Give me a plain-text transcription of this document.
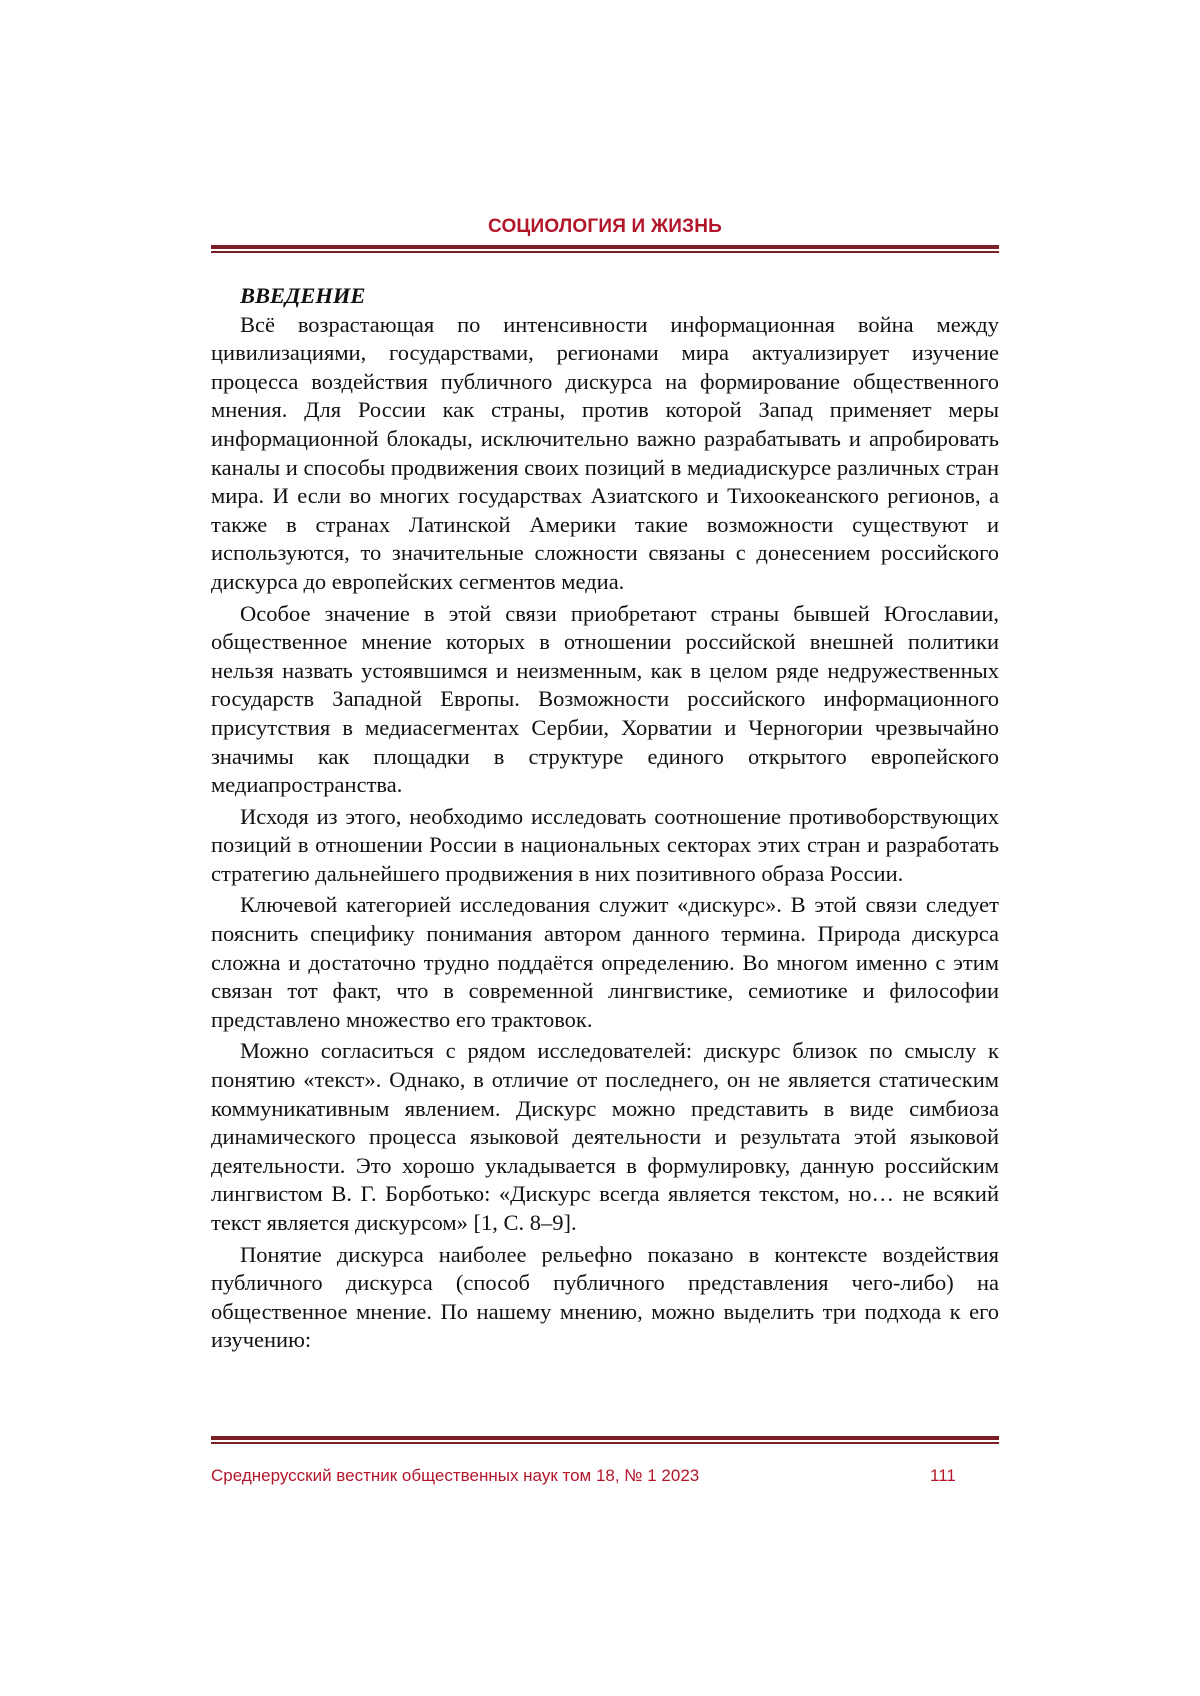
СОЦИОЛОГИЯ И ЖИЗНЬ

ВВЕДЕНИЕ

Всё возрастающая по интенсивности информационная война между цивилизациями, государствами, регионами мира актуализирует изучение процесса воздействия публичного дискурса на формирование общественного мнения. Для России как страны, против которой Запад применяет меры информационной блокады, исключительно важно разрабатывать и апробировать каналы и способы продвижения своих позиций в медиадискурсе различных стран мира. И если во многих государствах Азиатского и Тихоокеанского регионов, а также в странах Латинской Америки такие возможности существуют и используются, то значительные сложности связаны с донесением российского дискурса до европейских сегментов медиа.

Особое значение в этой связи приобретают страны бывшей Югославии, общественное мнение которых в отношении российской внешней политики нельзя назвать устоявшимся и неизменным, как в целом ряде недружественных государств Западной Европы. Возможности российского информационного присутствия в медиасегментах Сербии, Хорватии и Черногории чрезвычайно значимы как площадки в структуре единого открытого европейского медиапространства.

Исходя из этого, необходимо исследовать соотношение противоборствующих позиций в отношении России в национальных секторах этих стран и разработать стратегию дальнейшего продвижения в них позитивного образа России.

Ключевой категорией исследования служит «дискурс». В этой связи следует пояснить специфику понимания автором данного термина. Природа дискурса сложна и достаточно трудно поддаётся определению. Во многом именно с этим связан тот факт, что в современной лингвистике, семиотике и философии представлено множество его трактовок.

Можно согласиться с рядом исследователей: дискурс близок по смыслу к понятию «текст». Однако, в отличие от последнего, он не является статическим коммуникативным явлением. Дискурс можно представить в виде симбиоза динамического процесса языковой деятельности и результата этой языковой деятельности. Это хорошо укладывается в формулировку, данную российским лингвистом В. Г. Борботько: «Дискурс всегда является текстом, но… не всякий текст является дискурсом» [1, С. 8–9].

Понятие дискурса наиболее рельефно показано в контексте воздействия публичного дискурса (способ публичного представления чего-либо) на общественное мнение. По нашему мнению, можно выделить три подхода к его изучению:

Среднерусский вестник общественных наук том 18, № 1 2023	111
